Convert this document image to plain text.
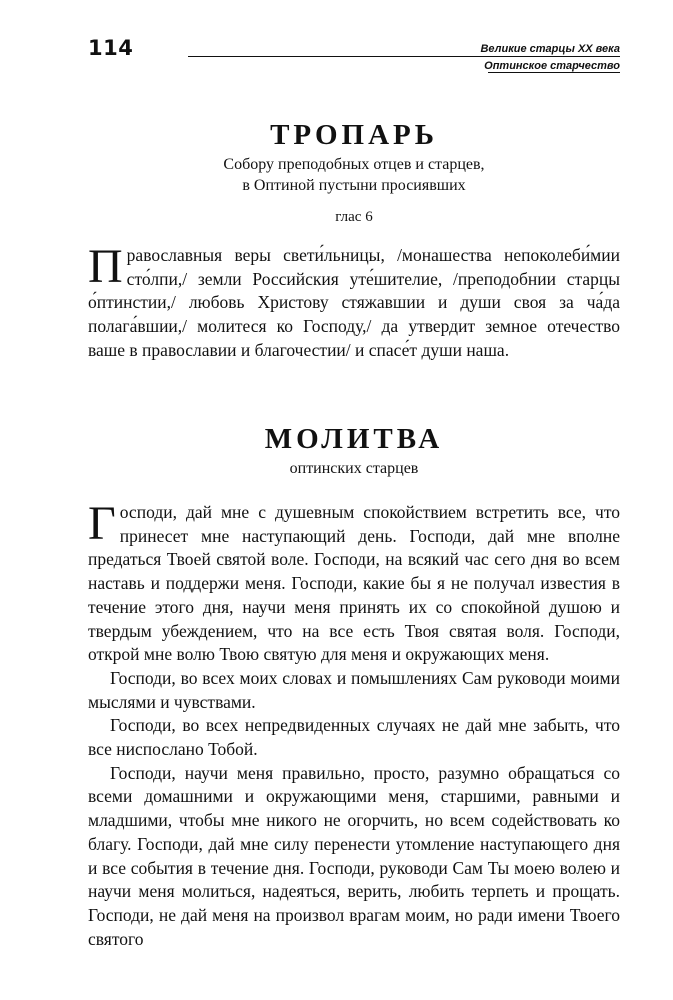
114	Великие старцы XX века
Оптинское старчество
ТРОПАРЬ

Собору преподобных отцев и старцев,

в Оптиной пустыни просиявших

глас 6

Православныя веры свети́льницы, /монашества непоколеби́мии сто́лпи,/ земли Российския уте́шителие, /преподобнии старцы о́птинстии,/ любовь Христову стяжавшии и души своя за ча́да полага́вшии,/ молитеся ко Господу,/ да утвердит земное отечество ваше в православии и благочестии/ и спасе́т души наша.

МОЛИТВА

оптинских старцев

Господи, дай мне с душевным спокойствием встретить все, что принесет мне наступающий день. Господи, дай мне вполне предаться Твоей святой воле. Господи, на всякий час сего дня во всем наставь и поддержи меня. Господи, какие бы я не получал известия в течение этого дня, научи меня принять их со спокойной душою и твердым убеждением, что на все есть Твоя святая воля. Господи, открой мне волю Твою святую для меня и окружающих меня.

Господи, во всех моих словах и помышлениях Сам руководи моими мыслями и чувствами.

Господи, во всех непредвиденных случаях не дай мне забыть, что все ниспослано Тобой.

Господи, научи меня правильно, просто, разумно обращаться со всеми домашними и окружающими меня, старшими, равными и младшими, чтобы мне никого не огорчить, но всем содействовать ко благу. Господи, дай мне силу перенести утомление наступающего дня и все события в течение дня. Господи, руководи Сам Ты моею волею и научи меня молиться, надеяться, верить, любить терпеть и прощать. Господи, не дай меня на произвол врагам моим, но ради имени Твоего святого
